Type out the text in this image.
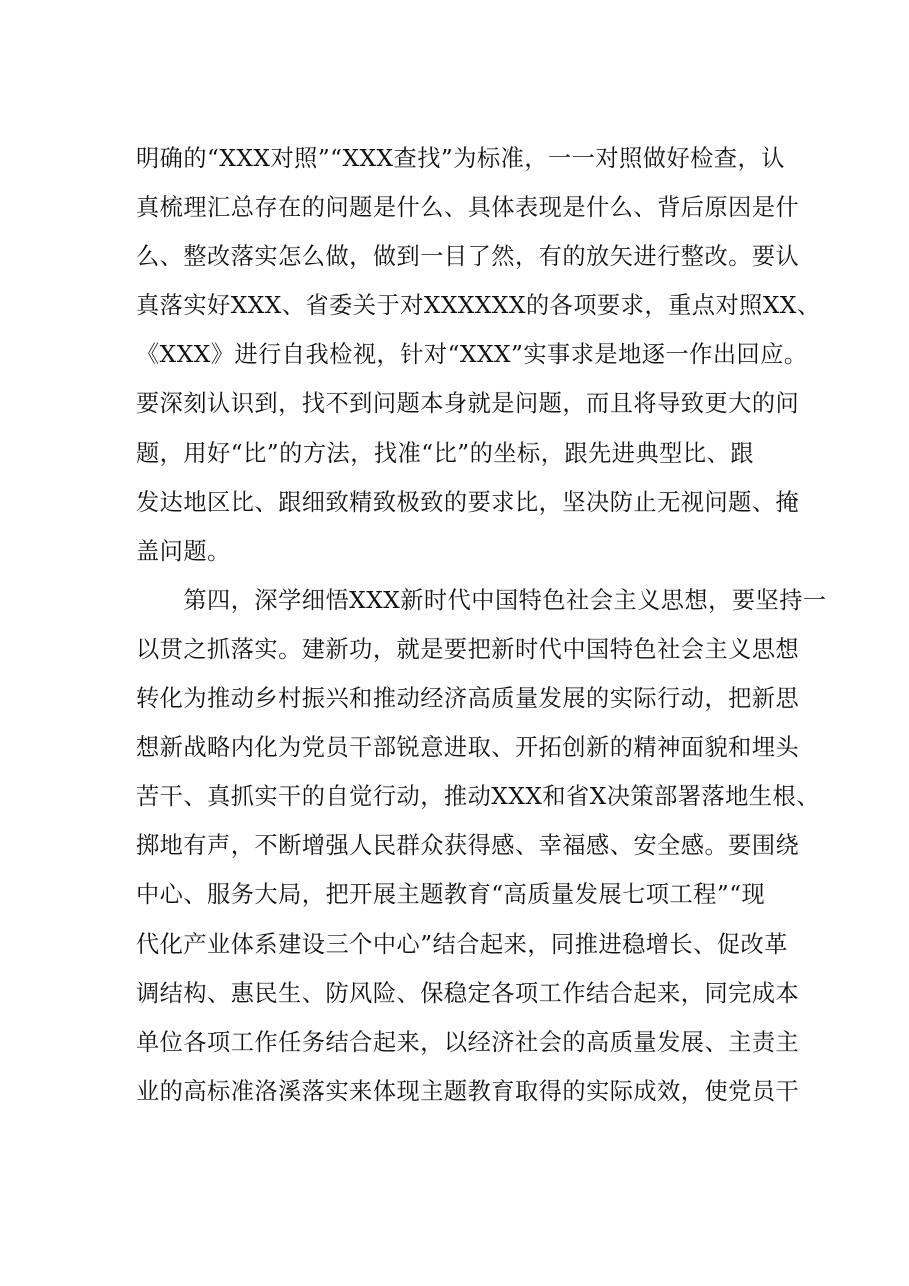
明确的“XXX对照”“XXX查找”为标准，一一对照做好检查，认
真梳理汇总存在的问题是什么、具体表现是什么、背后原因是什
么、整改落实怎么做，做到一目了然，有的放矢进行整改。要认
真落实好XXX、省委关于对XXXXXX的各项要求，重点对照XX、
《XXX》进行自我检视，针对“XXX”实事求是地逐一作出回应。
要深刻认识到，找不到问题本身就是问题，而且将导致更大的问
题，用好“比”的方法，找准“比”的坐标，跟先进典型比、跟
发达地区比、跟细致精致极致的要求比，坚决防止无视问题、掩
盖问题。
　　第四，深学细悟XXX新时代中国特色社会主义思想，要坚持一
以贯之抓落实。建新功，就是要把新时代中国特色社会主义思想
转化为推动乡村振兴和推动经济高质量发展的实际行动，把新思
想新战略内化为党员干部锐意进取、开拓创新的精神面貌和埋头
苦干、真抓实干的自觉行动，推动XXX和省X决策部署落地生根、
掷地有声，不断增强人民群众获得感、幸福感、安全感。要围绕
中心、服务大局，把开展主题教育“高质量发展七项工程”“现
代化产业体系建设三个中心”结合起来，同推进稳增长、促改革
调结构、惠民生、防风险、保稳定各项工作结合起来，同完成本
单位各项工作任务结合起来，以经济社会的高质量发展、主责主
业的高标准洛溪落实来体现主题教育取得的实际成效，使党员干
